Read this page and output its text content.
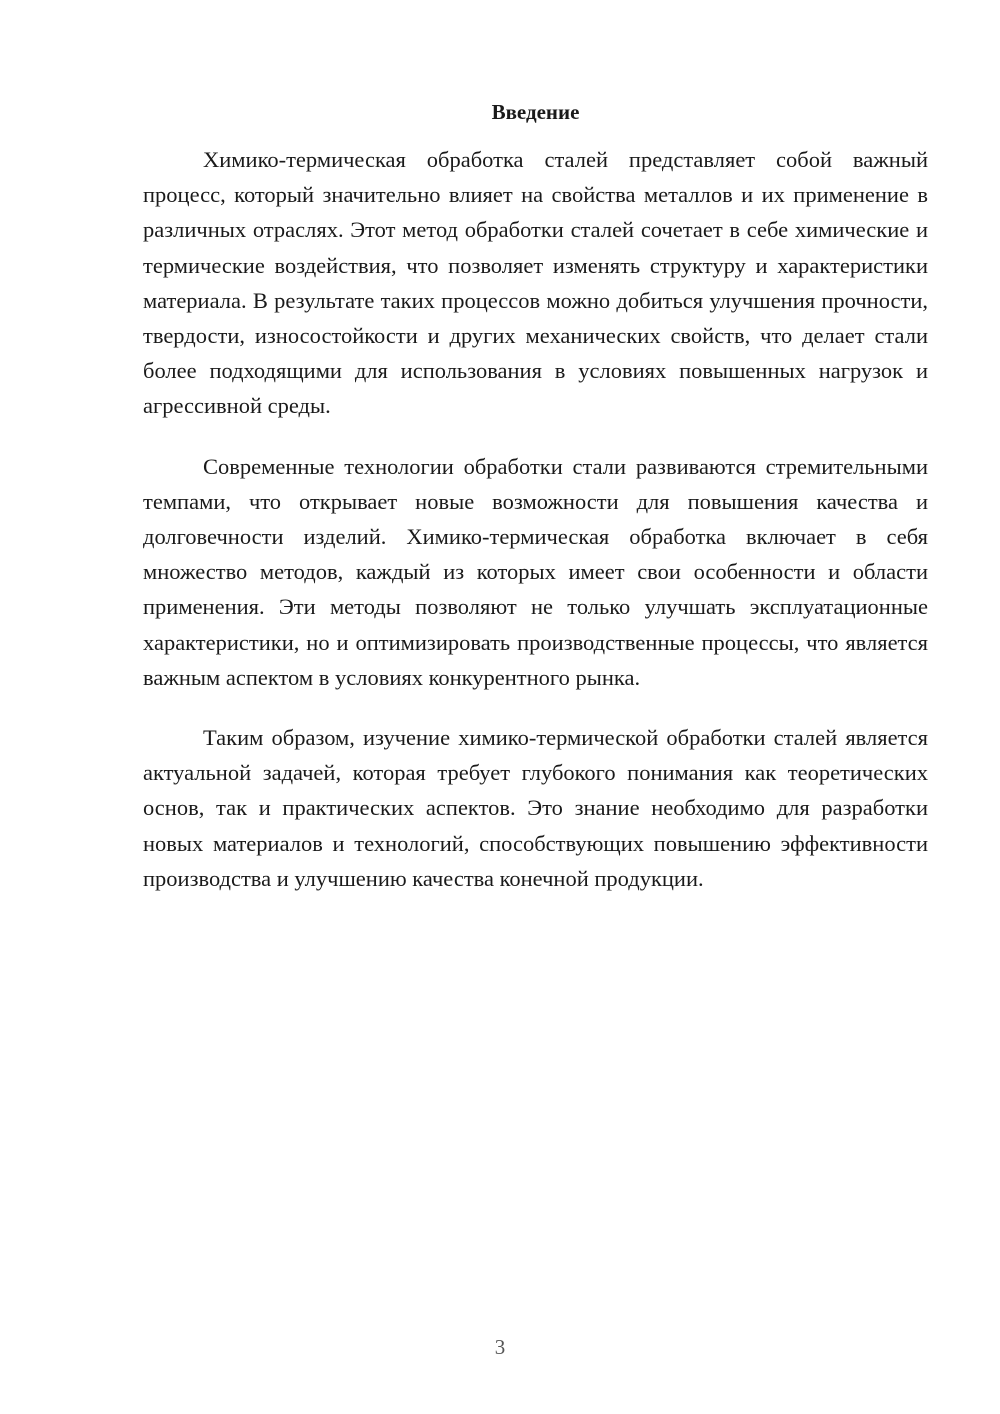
Введение

Химико-термическая обработка сталей представляет собой важный процесс, который значительно влияет на свойства металлов и их применение в различных отраслях. Этот метод обработки сталей сочетает в себе химические и термические воздействия, что позволяет изменять структуру и характеристики материала. В результате таких процессов можно добиться улучшения прочности, твердости, износостойкости и других механических свойств, что делает стали более подходящими для использования в условиях повышенных нагрузок и агрессивной среды.

Современные технологии обработки стали развиваются стремительными темпами, что открывает новые возможности для повышения качества и долговечности изделий. Химико-термическая обработка включает в себя множество методов, каждый из которых имеет свои особенности и области применения. Эти методы позволяют не только улучшать эксплуатационные характеристики, но и оптимизировать производственные процессы, что является важным аспектом в условиях конкурентного рынка.

Таким образом, изучение химико-термической обработки сталей является актуальной задачей, которая требует глубокого понимания как теоретических основ, так и практических аспектов. Это знание необходимо для разработки новых материалов и технологий, способствующих повышению эффективности производства и улучшению качества конечной продукции.

3
